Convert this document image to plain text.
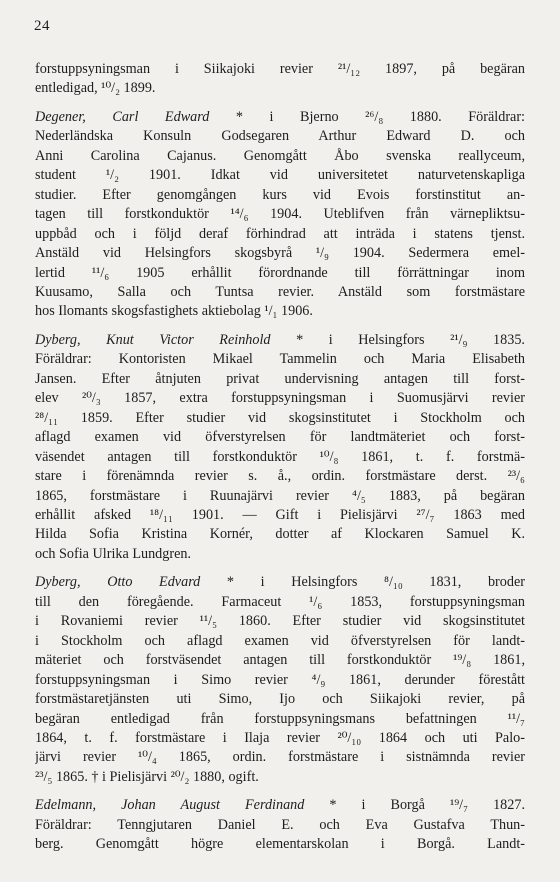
24
forstuppsyningsman i Siikajoki revier ²¹/₁₂ 1897, på begäran
entledigad, ¹⁰/₂ 1899.
Degener, Carl Edward * i Bjerno ²⁶/₈ 1880. Föräldrar:
Nederländska Konsuln Godsegaren Arthur Edward D. och
Anni Carolina Cajanus. Genomgått Åbo svenska reallyceum,
student ¹/₂ 1901. Idkat vid universitetet naturvetenskapliga
studier. Efter genomgången kurs vid Evois forstinstitut an-
tagen till forstkonduktör ¹⁴/₆ 1904. Uteblifven från värnepliktsu-
uppbåd och i följd deraf förhindrad att inträda i statens tjenst.
Anstäld vid Helsingfors skogsbyrå ¹/₉ 1904. Sedermera emel-
lertid ¹¹/₆ 1905 erhållit förordnande till förrättningar inom
Kuusamo, Salla och Tuntsa revier. Anstäld som forstmästare
hos Ilomants skogsfastighets aktiebolag ¹/₁ 1906.
Dyberg, Knut Victor Reinhold * i Helsingfors ²¹/₉ 1835.
Föräldrar: Kontoristen Mikael Tammelin och Maria Elisabeth
Jansen. Efter åtnjuten privat undervisning antagen till forst-
elev ²⁰/₃ 1857, extra forstuppsyningsman i Suomusjärvi revier
²⁸/₁₁ 1859. Efter studier vid skogsinstitutet i Stockholm och
aflagd examen vid öfverstyrelsen för landtmäteriet och forst-
väsendet antagen till forstkonduktör ¹⁰/₈ 1861, t. f. forstmä-
stare i förenämnda revier s. å., ordin. forstmästare derst. ²³/₆
1865, forstmästare i Ruunajärvi revier ⁴/₅ 1883, på begäran
erhållit afsked ¹⁸/₁₁ 1901. — Gift i Pielisjärvi ²⁷/₇ 1863 med
Hilda Sofia Kristina Kornér, dotter af Klockaren Samuel K.
och Sofia Ulrika Lundgren.
Dyberg, Otto Edvard * i Helsingfors ⁸/₁₀ 1831, broder
till den föregående. Farmaceut ¹/₆ 1853, forstuppsyningsman
i Rovaniemi revier ¹¹/₅ 1860. Efter studier vid skogsinstitutet
i Stockholm och aflagd examen vid öfverstyrelsen för landt-
mäteriet och forstväsendet antagen till forstkonduktör ¹⁹/₈ 1861,
forstuppsyningsman i Simo revier ⁴/₉ 1861, derunder förestått
forstmästaretjänsten uti Simo, Ijo och Siikajoki revier, på
begäran entledigad från forstuppsyningsmans befattningen ¹¹/₇
1864, t. f. forstmästare i Ilaja revier ²⁰/₁₀ 1864 och uti Palo-
järvi revier ¹⁰/₄ 1865, ordin. forstmästare i sistnämnda revier
²³/₅ 1865. † i Pielisjärvi ²⁰/₂ 1880, ogift.
Edelmann, Johan August Ferdinand * i Borgå ¹⁹/₇ 1827.
Föräldrar: Tenngjutaren Daniel E. och Eva Gustafva Thun-
berg. Genomgått högre elementarskolan i Borgå. Landt-
